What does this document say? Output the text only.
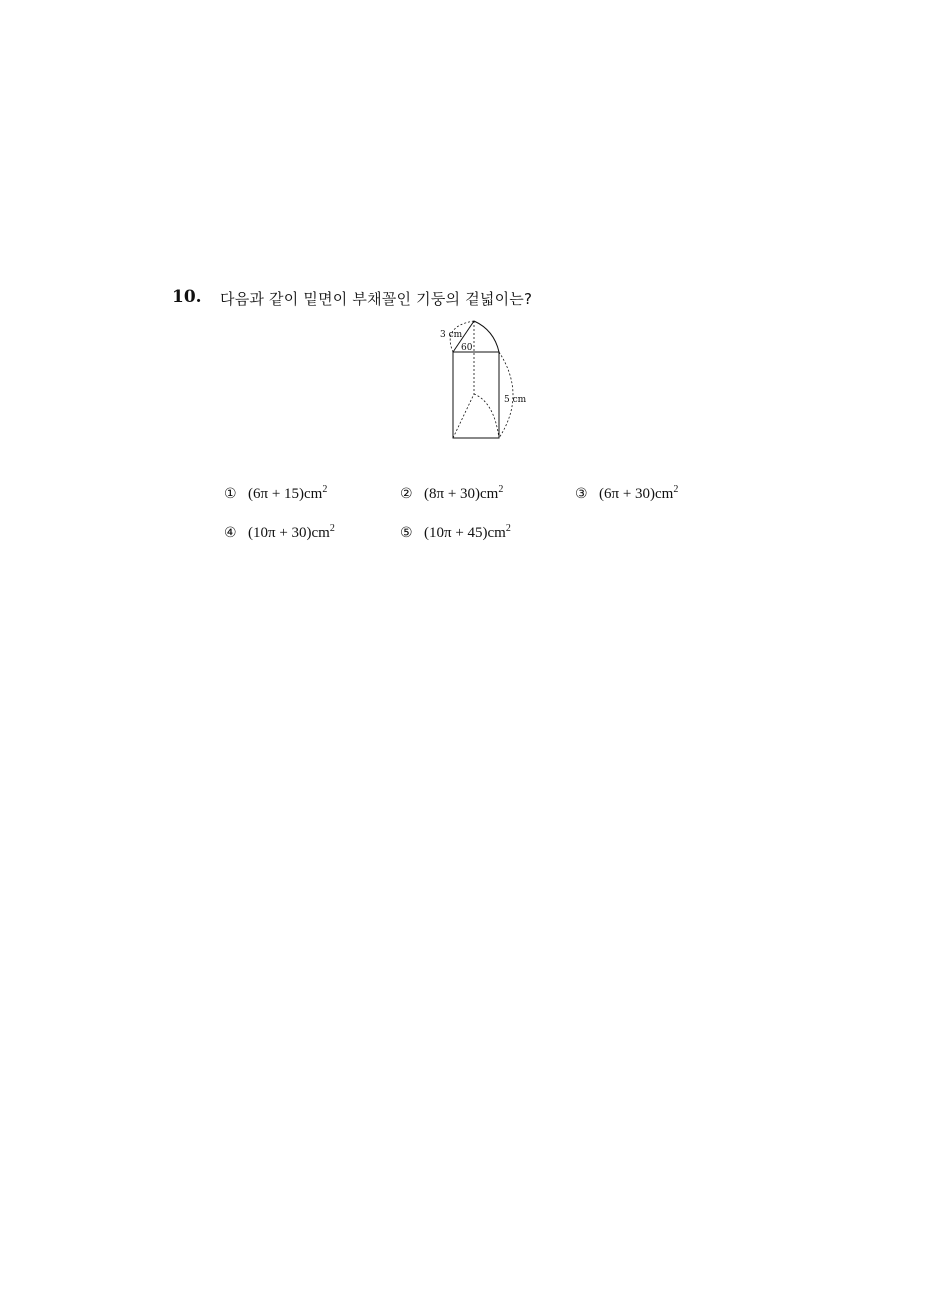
10. 다음과 같이 밑면이 부채꼴인 기둥의 겉넓이는?
3 cm
60
5 cm
① $(6\pi + 15)cm^2$	② $(8\pi + 30)cm^2$	③ $(6\pi + 30)cm^2$
④ $(10\pi + 30)cm^2$	⑤ $(10\pi + 45)cm^2$
